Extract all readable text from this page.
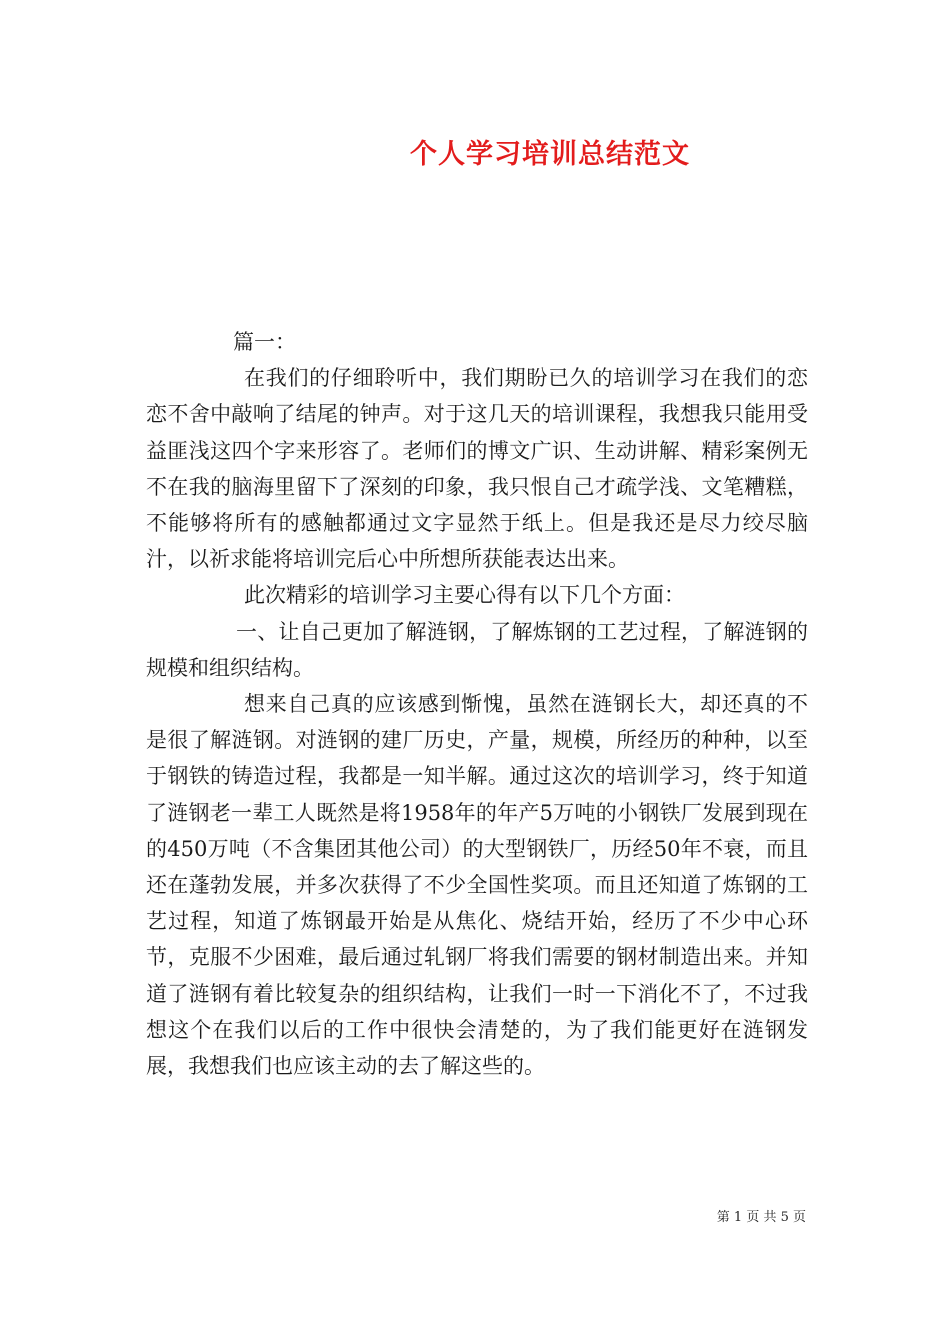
个人学习培训总结范文

篇一：

在我们的仔细聆听中，我们期盼已久的培训学习在我们的恋恋不舍中敲响了结尾的钟声。对于这几天的培训课程，我想我只能用受益匪浅这四个字来形容了。老师们的博文广识、生动讲解、精彩案例无不在我的脑海里留下了深刻的印象，我只恨自己才疏学浅、文笔糟糕，不能够将所有的感触都通过文字显然于纸上。但是我还是尽力绞尽脑汁，以祈求能将培训完后心中所想所获能表达出来。

此次精彩的培训学习主要心得有以下几个方面：

一、让自己更加了解涟钢，了解炼钢的工艺过程，了解涟钢的规模和组织结构。

想来自己真的应该感到惭愧，虽然在涟钢长大，却还真的不是很了解涟钢。对涟钢的建厂历史，产量，规模，所经历的种种，以至于钢铁的铸造过程，我都是一知半解。通过这次的培训学习，终于知道了涟钢老一辈工人既然是将1958年的年产5万吨的小钢铁厂发展到现在的450万吨（不含集团其他公司）的大型钢铁厂，历经50年不衰，而且还在蓬勃发展，并多次获得了不少全国性奖项。而且还知道了炼钢的工艺过程，知道了炼钢最开始是从焦化、烧结开始，经历了不少中心环节，克服不少困难，最后通过轧钢厂将我们需要的钢材制造出来。并知道了涟钢有着比较复杂的组织结构，让我们一时一下消化不了，不过我想这个在我们以后的工作中很快会清楚的，为了我们能更好在涟钢发展，我想我们也应该主动的去了解这些的。

第 1 页 共 5 页
